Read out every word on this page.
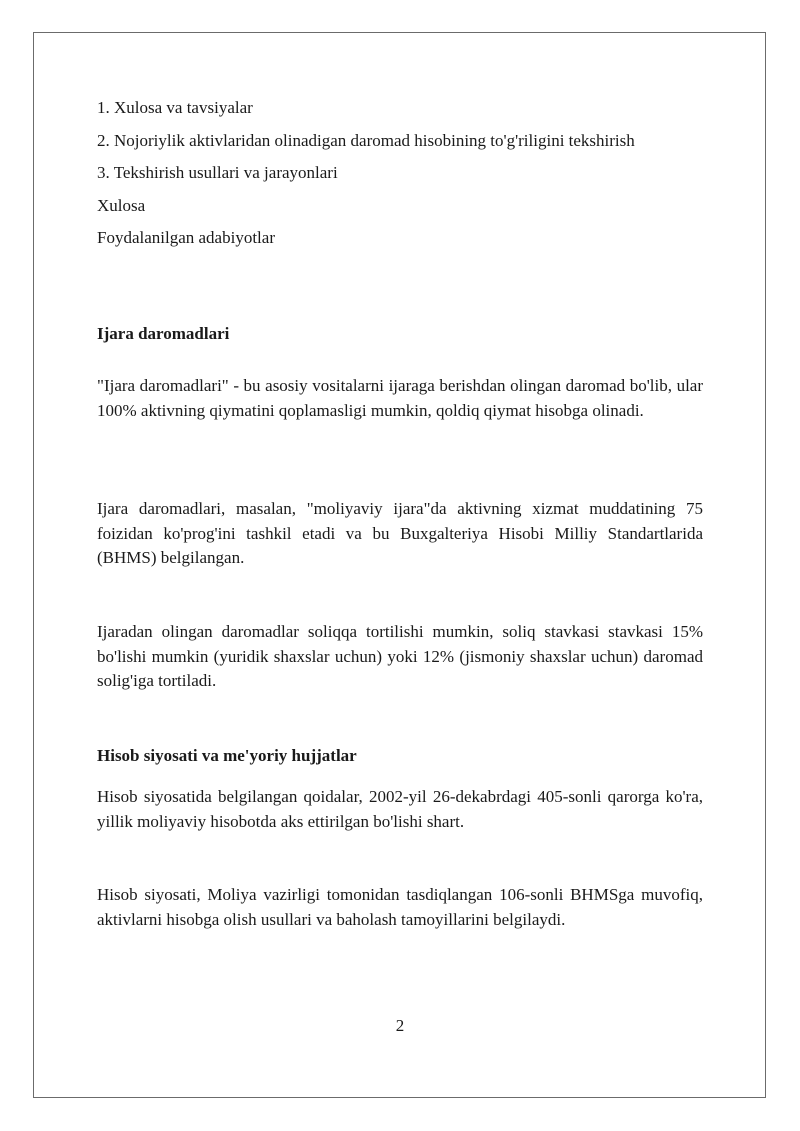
1. Xulosa va tavsiyalar
2. Nojoriylik aktivlaridan olinadigan daromad hisobining to'g'riligini tekshirish
3. Tekshirish usullari va jarayonlari
Xulosa
Foydalanilgan adabiyotlar
Ijara daromadlari

"Ijara daromadlari" - bu asosiy vositalarni ijaraga berishdan olingan daromad bo'lib, ular 100% aktivning qiymatini qoplamasligi mumkin, qoldiq qiymat hisobga olinadi.

Ijara daromadlari, masalan, "moliyaviy ijara"da aktivning xizmat muddatining 75 foizidan ko'prog'ini tashkil etadi va bu Buxgalteriya Hisobi Milliy Standartlarida (BHMS) belgilangan.

Ijaradan olingan daromadlar soliqqa tortilishi mumkin, soliq stavkasi stavkasi 15% bo'lishi mumkin (yuridik shaxslar uchun) yoki 12% (jismoniy shaxslar uchun) daromad solig'iga tortiladi.

Hisob siyosati va me'yoriy hujjatlar

Hisob siyosatida belgilangan qoidalar, 2002-yil 26-dekabrdagi 405-sonli qarorga ko'ra, yillik moliyaviy hisobotda aks ettirilgan bo'lishi shart.

Hisob siyosati, Moliya vazirligi tomonidan tasdiqlangan 106-sonli BHMSga muvofiq, aktivlarni hisobga olish usullari va baholash tamoyillarini belgilaydi.

2
